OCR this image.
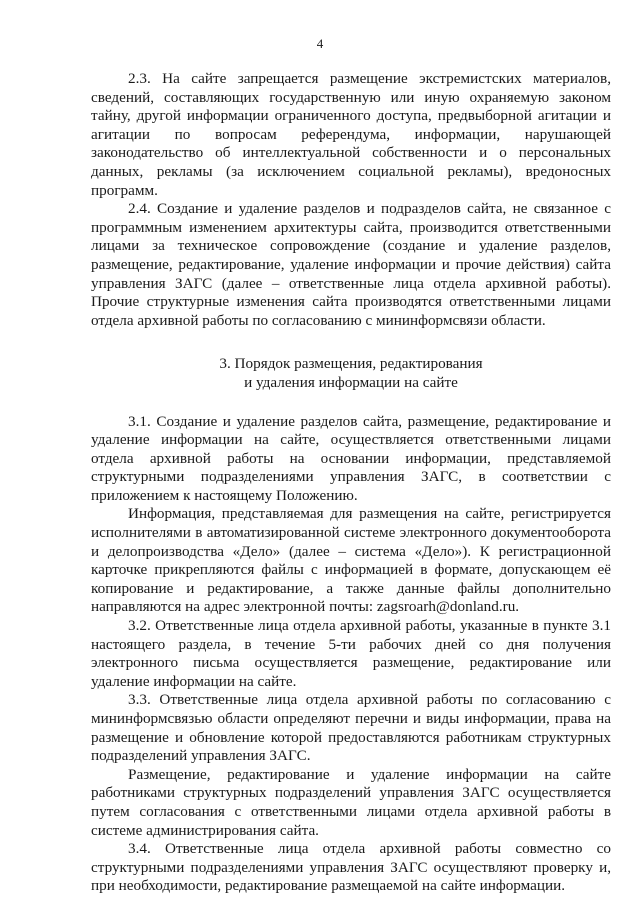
4

2.3. На сайте запрещается размещение экстремистских материалов, сведений, составляющих государственную или иную охраняемую законом тайну, другой информации ограниченного доступа, предвыборной агитации и агитации по вопросам референдума, информации, нарушающей законодательство об интеллектуальной собственности и о персональных данных, рекламы (за исключением социальной рекламы), вредоносных программ.

2.4. Создание и удаление разделов и подразделов сайта, не связанное с программным изменением архитектуры сайта, производится ответственными лицами за техническое сопровождение (создание и удаление разделов, размещение, редактирование, удаление информации и прочие действия) сайта управления ЗАГС (далее – ответственные лица отдела архивной работы). Прочие структурные изменения сайта производятся ответственными лицами отдела архивной работы по согласованию с мининформсвязи области.

3. Порядок размещения, редактирования
и удаления информации на сайте

3.1. Создание и удаление разделов сайта, размещение, редактирование и удаление информации на сайте, осуществляется ответственными лицами отдела архивной работы на основании информации, представляемой структурными подразделениями управления ЗАГС, в соответствии с приложением к настоящему Положению.

Информация, представляемая для размещения на сайте, регистрируется исполнителями в автоматизированной системе электронного документооборота и делопроизводства «Дело» (далее – система «Дело»). К регистрационной карточке прикрепляются файлы с информацией в формате, допускающем её копирование и редактирование, а также данные файлы дополнительно направляются на адрес электронной почты: zagsroarh@donland.ru.

3.2. Ответственные лица отдела архивной работы, указанные в пункте 3.1 настоящего раздела, в течение 5-ти рабочих дней со дня получения электронного письма осуществляется размещение, редактирование или удаление информации на сайте.

3.3. Ответственные лица отдела архивной работы по согласованию с мининформсвязью области определяют перечни и виды информации, права на размещение и обновление которой предоставляются работникам структурных подразделений управления ЗАГС.

Размещение, редактирование и удаление информации на сайте работниками структурных подразделений управления ЗАГС осуществляется путем согласования с ответственными лицами отдела архивной работы в системе администрирования сайта.

3.4. Ответственные лица отдела архивной работы совместно со структурными подразделениями управления ЗАГС осуществляют проверку и, при необходимости, редактирование размещаемой на сайте информации.
